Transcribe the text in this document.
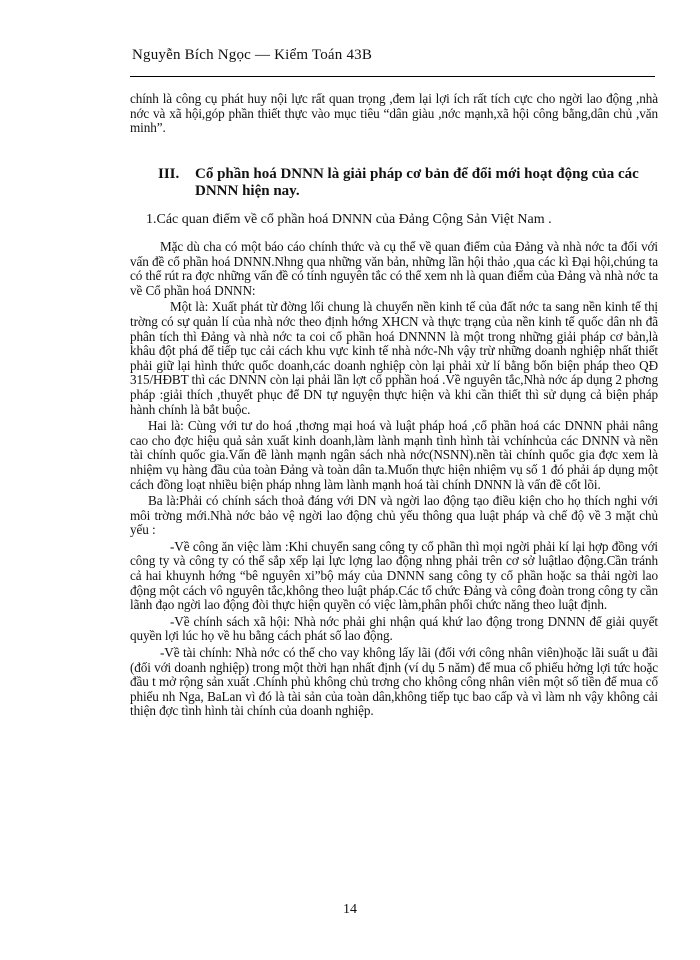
Nguyễn Bích Ngọc — Kiểm Toán 43B
chính là công cụ phát huy nội lực rất quan trọng ,đem lại lợi ích rất tích cực cho ngời lao động ,nhà nớc và xã hội,góp phần thiết thực vào mục tiêu “dân giàu ,nớc mạnh,xã hội công bằng,dân chủ ,văn minh”.
III.	Cổ phần hoá DNNN là giải pháp cơ bản để đổi mới hoạt động của các DNNN hiện nay.
1.Các quan điểm về cổ phần hoá DNNN của Đảng Cộng Sản Việt Nam .

Mặc dù cha có một báo cáo chính thức và cụ thể về quan điểm của Đảng và nhà nớc ta đối với vấn đề cổ phần hoá DNNN.Nhng qua những văn bản, những lần hội thảo ,qua các kì Đại hội,chúng ta có thể rút ra đợc những vấn đề có tính nguyên tắc có thể xem nh là quan điểm của Đảng và nhà nớc ta về Cổ phần hoá DNNN:

Một là: Xuất phát từ đờng lối chung là chuyển nền kinh tế của đất nớc ta sang nền kinh tế thị trờng có sự quản lí của nhà nớc theo định hớng XHCN và thực trạng của nền kinh tế quốc dân nh đã phân tích thì Đảng và nhà nớc ta coi cổ phần hoá DNNNN là một trong những giải pháp cơ bản,là khâu đột phá để tiếp tục cải cách khu vực kinh tế nhà nớc-Nh vậy trừ những doanh nghiệp nhất thiết phải giữ lại hình thức quốc doanh,các doanh nghiệp còn lại phải xử lí bằng bốn biện pháp theo QĐ 315/HĐBT thì các DNNN còn lại phải lần lợt cổ pphần hoá .Về nguyên tắc,Nhà nớc áp dụng 2 phơng pháp :giải thích ,thuyết phục để DN tự nguyện thực hiện và khi cần thiết thì sử dụng cả biện pháp hành chính là bắt buộc.

Hai là: Cùng với tư do hoá ,thơng mại hoá và luật pháp hoá ,cổ phần hoá các DNNN phải nâng cao cho đợc hiệu quả sản xuất kinh doanh,làm lành mạnh tình hình tài vchínhcủa các DNNN và nền tài chính quốc gia.Vấn đề lành mạnh ngân sách nhà nớc(NSNN).nền tài chính quốc gia đợc xem là nhiệm vụ hàng đầu của toàn Đảng và toàn dân ta.Muốn thực hiện nhiệm vụ số 1 đó phải áp dụng một cách đồng loạt nhiều biện pháp nhng làm lành mạnh hoá tài chính DNNN là vấn đề cốt lõi.

Ba là:Phải có chính sách thoả đáng với DN và ngời lao động tạo điều kiện cho họ thích nghi với môi trờng mới.Nhà nớc bảo vệ ngời lao động chủ yếu thông qua luật pháp và chế độ về 3 mặt chủ yếu :

-Về công ăn việc làm :Khi chuyển sang công ty cổ phần thì mọi ngời phải kí lại hợp đồng với công ty và công ty có thể sắp xếp lại lực lợng lao động nhng phải trên cơ sở luậtlao động.Cần tránh cả hai khuynh hớng “bê nguyên xi”bộ máy của DNNN sang công ty cổ phần hoặc sa thải ngời lao động một cách vô nguyên tắc,không theo luật pháp.Các tổ chức Đảng và công đoàn trong công ty cần lãnh đạo ngời lao động đòi thực hiện quyền có việc làm,phân phối chức năng theo luật định.

-Về chính sách xã hội: Nhà nớc phải ghi nhận quá khứ lao động trong DNNN để giải quyết quyền lợi lúc họ về hu bằng cách phát số lao động.

-Về tài chính: Nhà nớc có thể cho vay không lấy lãi (đối với công nhân viên)hoặc lãi suất u đãi (đối với doanh nghiệp) trong một thời hạn nhất định (ví dụ 5 năm) để mua cổ phiếu hởng lợi tức hoặc đầu t mở rộng sản xuất .Chính phủ không chủ trơng cho không công nhân viên một số tiền để mua cổ phiếu nh Nga, BaLan vì đó là tài sản của toàn dân,không tiếp tục bao cấp và vì làm nh vậy không cải thiện đợc tình hình tài chính của doanh nghiệp.

14
